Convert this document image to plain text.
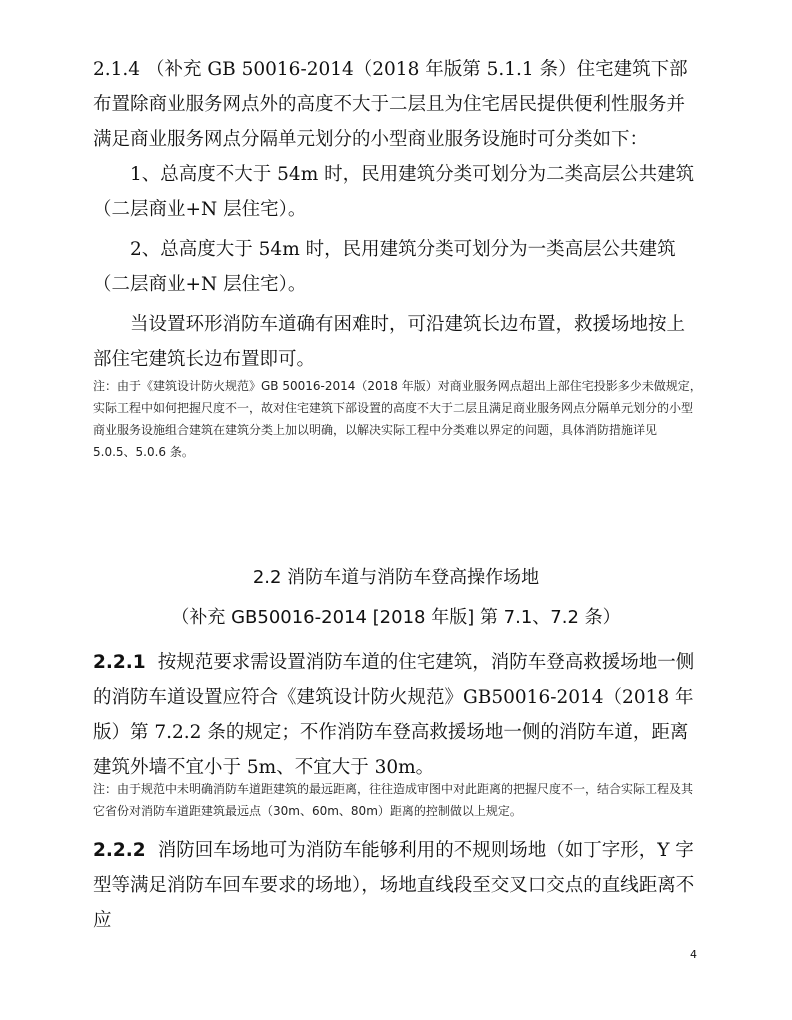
2.1.4 （补充 GB 50016-2014（2018 年版第 5.1.1 条）住宅建筑下部布置除商业服务网点外的高度不大于二层且为住宅居民提供便利性服务并满足商业服务网点分隔单元划分的小型商业服务设施时可分类如下：

1、总高度不大于 54m 时，民用建筑分类可划分为二类高层公共建筑（二层商业+N 层住宅）。

2、总高度大于 54m 时，民用建筑分类可划分为一类高层公共建筑（二层商业+N 层住宅）。

当设置环形消防车道确有困难时，可沿建筑长边布置，救援场地按上部住宅建筑长边布置即可。

注：由于《建筑设计防火规范》GB 50016-2014（2018 年版）对商业服务网点超出上部住宅投影多少未做规定，实际工程中如何把握尺度不一，故对住宅建筑下部设置的高度不大于二层且满足商业服务网点分隔单元划分的小型商业服务设施组合建筑在建筑分类上加以明确，以解决实际工程中分类难以界定的问题，具体消防措施详见 5.0.5、5.0.6 条。

2.2 消防车道与消防车登高操作场地

（补充 GB50016-2014 [2018 年版] 第 7.1、7.2 条）

2.2.1 按规范要求需设置消防车道的住宅建筑，消防车登高救援场地一侧的消防车道设置应符合《建筑设计防火规范》GB50016-2014（2018 年版）第 7.2.2 条的规定；不作消防车登高救援场地一侧的消防车道，距离建筑外墙不宜小于 5m、不宜大于 30m。

注：由于规范中未明确消防车道距建筑的最远距离，往往造成审图中对此距离的把握尺度不一，结合实际工程及其它省份对消防车道距建筑最远点（30m、60m、80m）距离的控制做以上规定。

2.2.2 消防回车场地可为消防车能够利用的不规则场地（如丁字形，Y 字型等满足消防车回车要求的场地），场地直线段至交叉口交点的直线距离不应

4
